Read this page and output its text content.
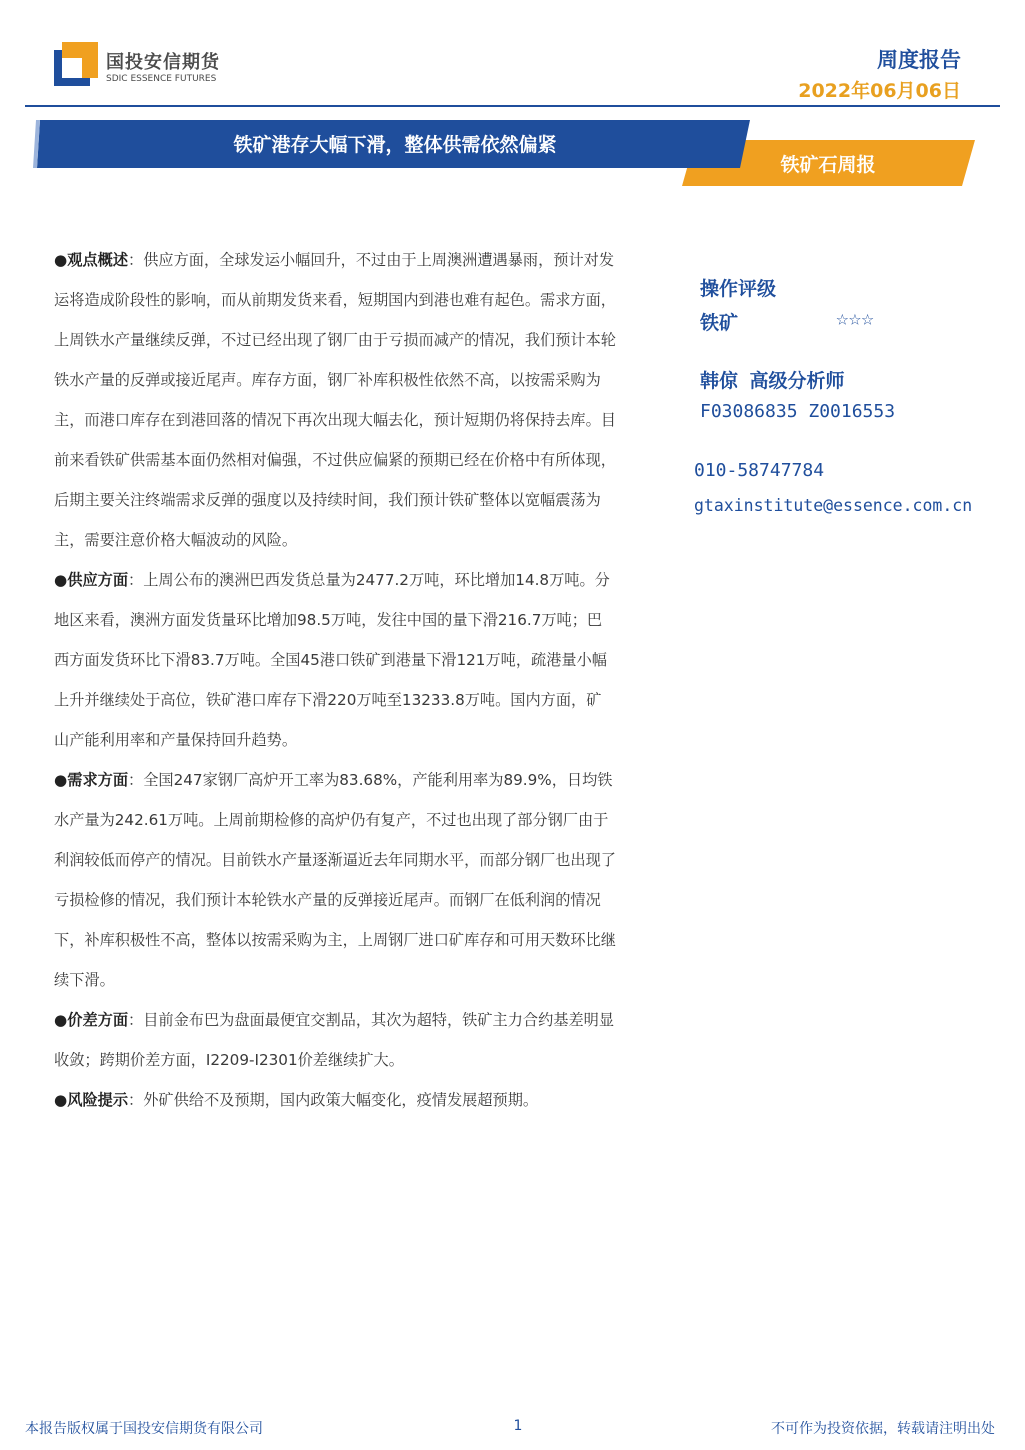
国投安信期货
SDIC ESSENCE FUTURES
周度报告
2022年06月06日
铁矿港存大幅下滑，整体供需依然偏紧
铁矿石周报

●观点概述：供应方面，全球发运小幅回升，不过由于上周澳洲遭遇暴雨，预计对发运将造成阶段性的影响，而从前期发货来看，短期国内到港也难有起色。需求方面，上周铁水产量继续反弹，不过已经出现了钢厂由于亏损而减产的情况，我们预计本轮铁水产量的反弹或接近尾声。库存方面，钢厂补库积极性依然不高，以按需采购为主，而港口库存在到港回落的情况下再次出现大幅去化，预计短期仍将保持去库。目前来看铁矿供需基本面仍然相对偏强，不过供应偏紧的预期已经在价格中有所体现，后期主要关注终端需求反弹的强度以及持续时间，我们预计铁矿整体以宽幅震荡为主，需要注意价格大幅波动的风险。

●供应方面：上周公布的澳洲巴西发货总量为2477.2万吨，环比增加14.8万吨。分地区来看，澳洲方面发货量环比增加98.5万吨，发往中国的量下滑216.7万吨；巴西方面发货环比下滑83.7万吨。全国45港口铁矿到港量下滑121万吨，疏港量小幅上升并继续处于高位，铁矿港口库存下滑220万吨至13233.8万吨。国内方面，矿山产能利用率和产量保持回升趋势。

●需求方面：全国247家钢厂高炉开工率为83.68%，产能利用率为89.9%，日均铁水产量为242.61万吨。上周前期检修的高炉仍有复产，不过也出现了部分钢厂由于利润较低而停产的情况。目前铁水产量逐渐逼近去年同期水平，而部分钢厂也出现了亏损检修的情况，我们预计本轮铁水产量的反弹接近尾声。而钢厂在低利润的情况下，补库积极性不高，整体以按需采购为主，上周钢厂进口矿库存和可用天数环比继续下滑。

●价差方面：目前金布巴为盘面最便宜交割品，其次为超特，铁矿主力合约基差明显收敛；跨期价差方面，I2209-I2301价差继续扩大。

●风险提示：外矿供给不及预期，国内政策大幅变化，疫情发展超预期。

操作评级
铁矿	☆☆☆
韩倞 高级分析师
F03086835 Z0016553
010-58747784
gtaxinstitute@essence.com.cn
本报告版权属于国投安信期货有限公司	1	不可作为投资依据，转载请注明出处
